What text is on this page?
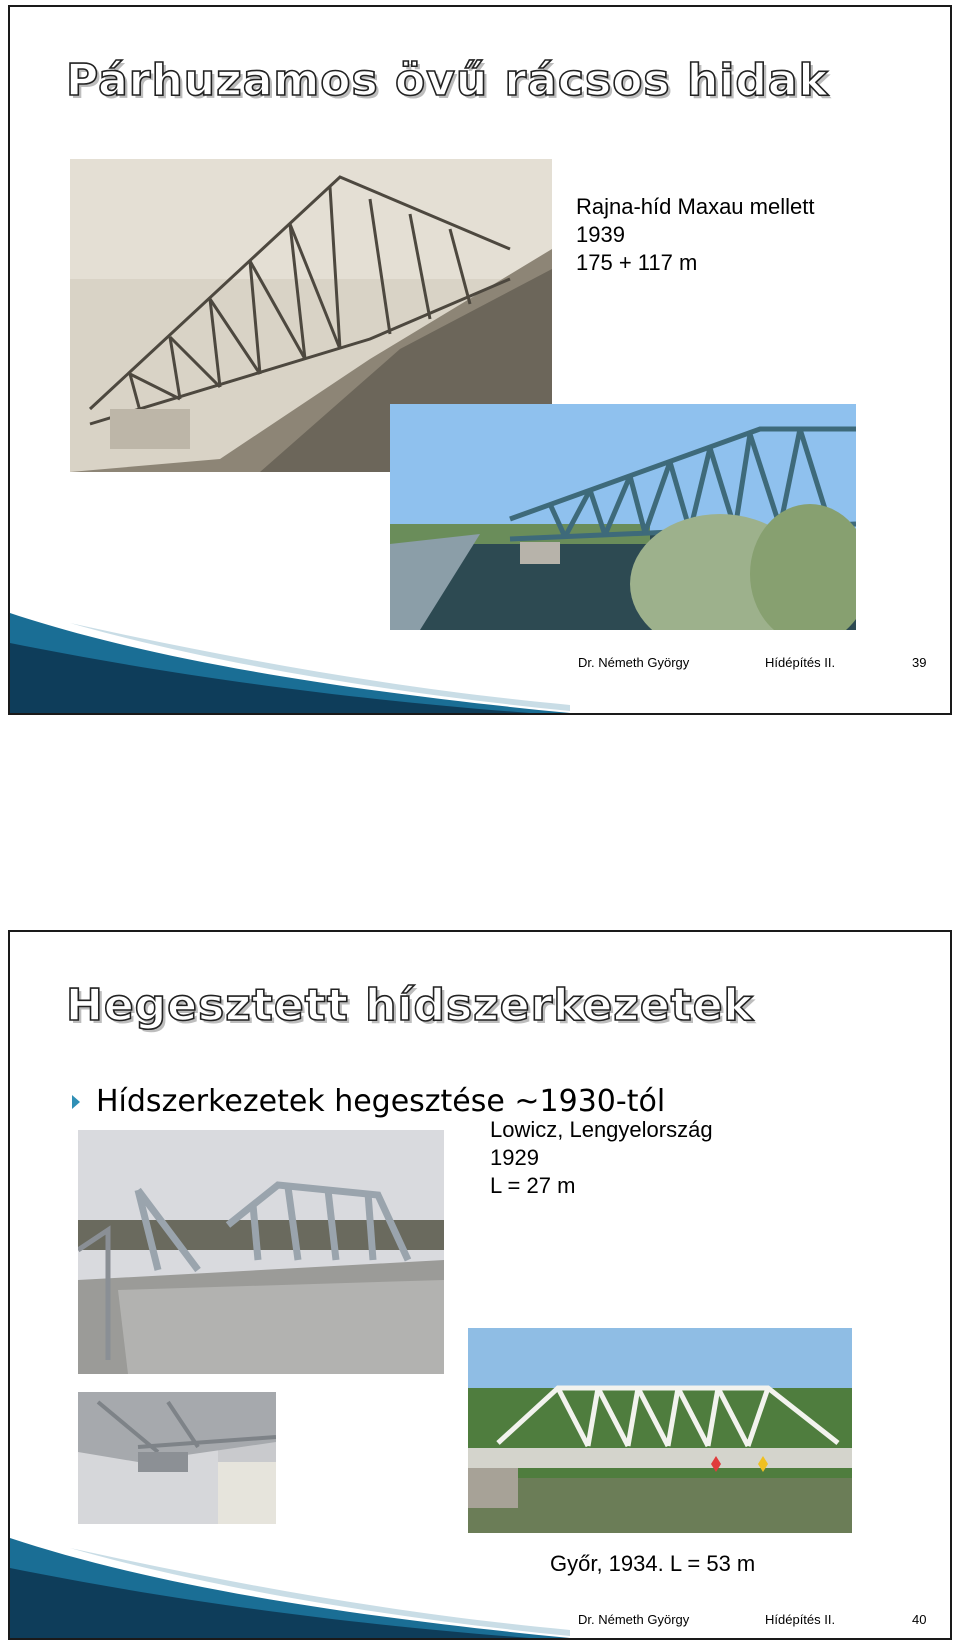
Párhuzamos övű rácsos hidak
Rajna-híd Maxau mellett
1939
175 + 117 m
Dr. Németh György	Hídépítés II.	39
Hegesztett hídszerkezetek
Hídszerkezetek hegesztése ~1930-tól
Lowicz, Lengyelország
1929
L = 27 m
Győr, 1934. L = 53 m
Dr. Németh György	Hídépítés II.	40
